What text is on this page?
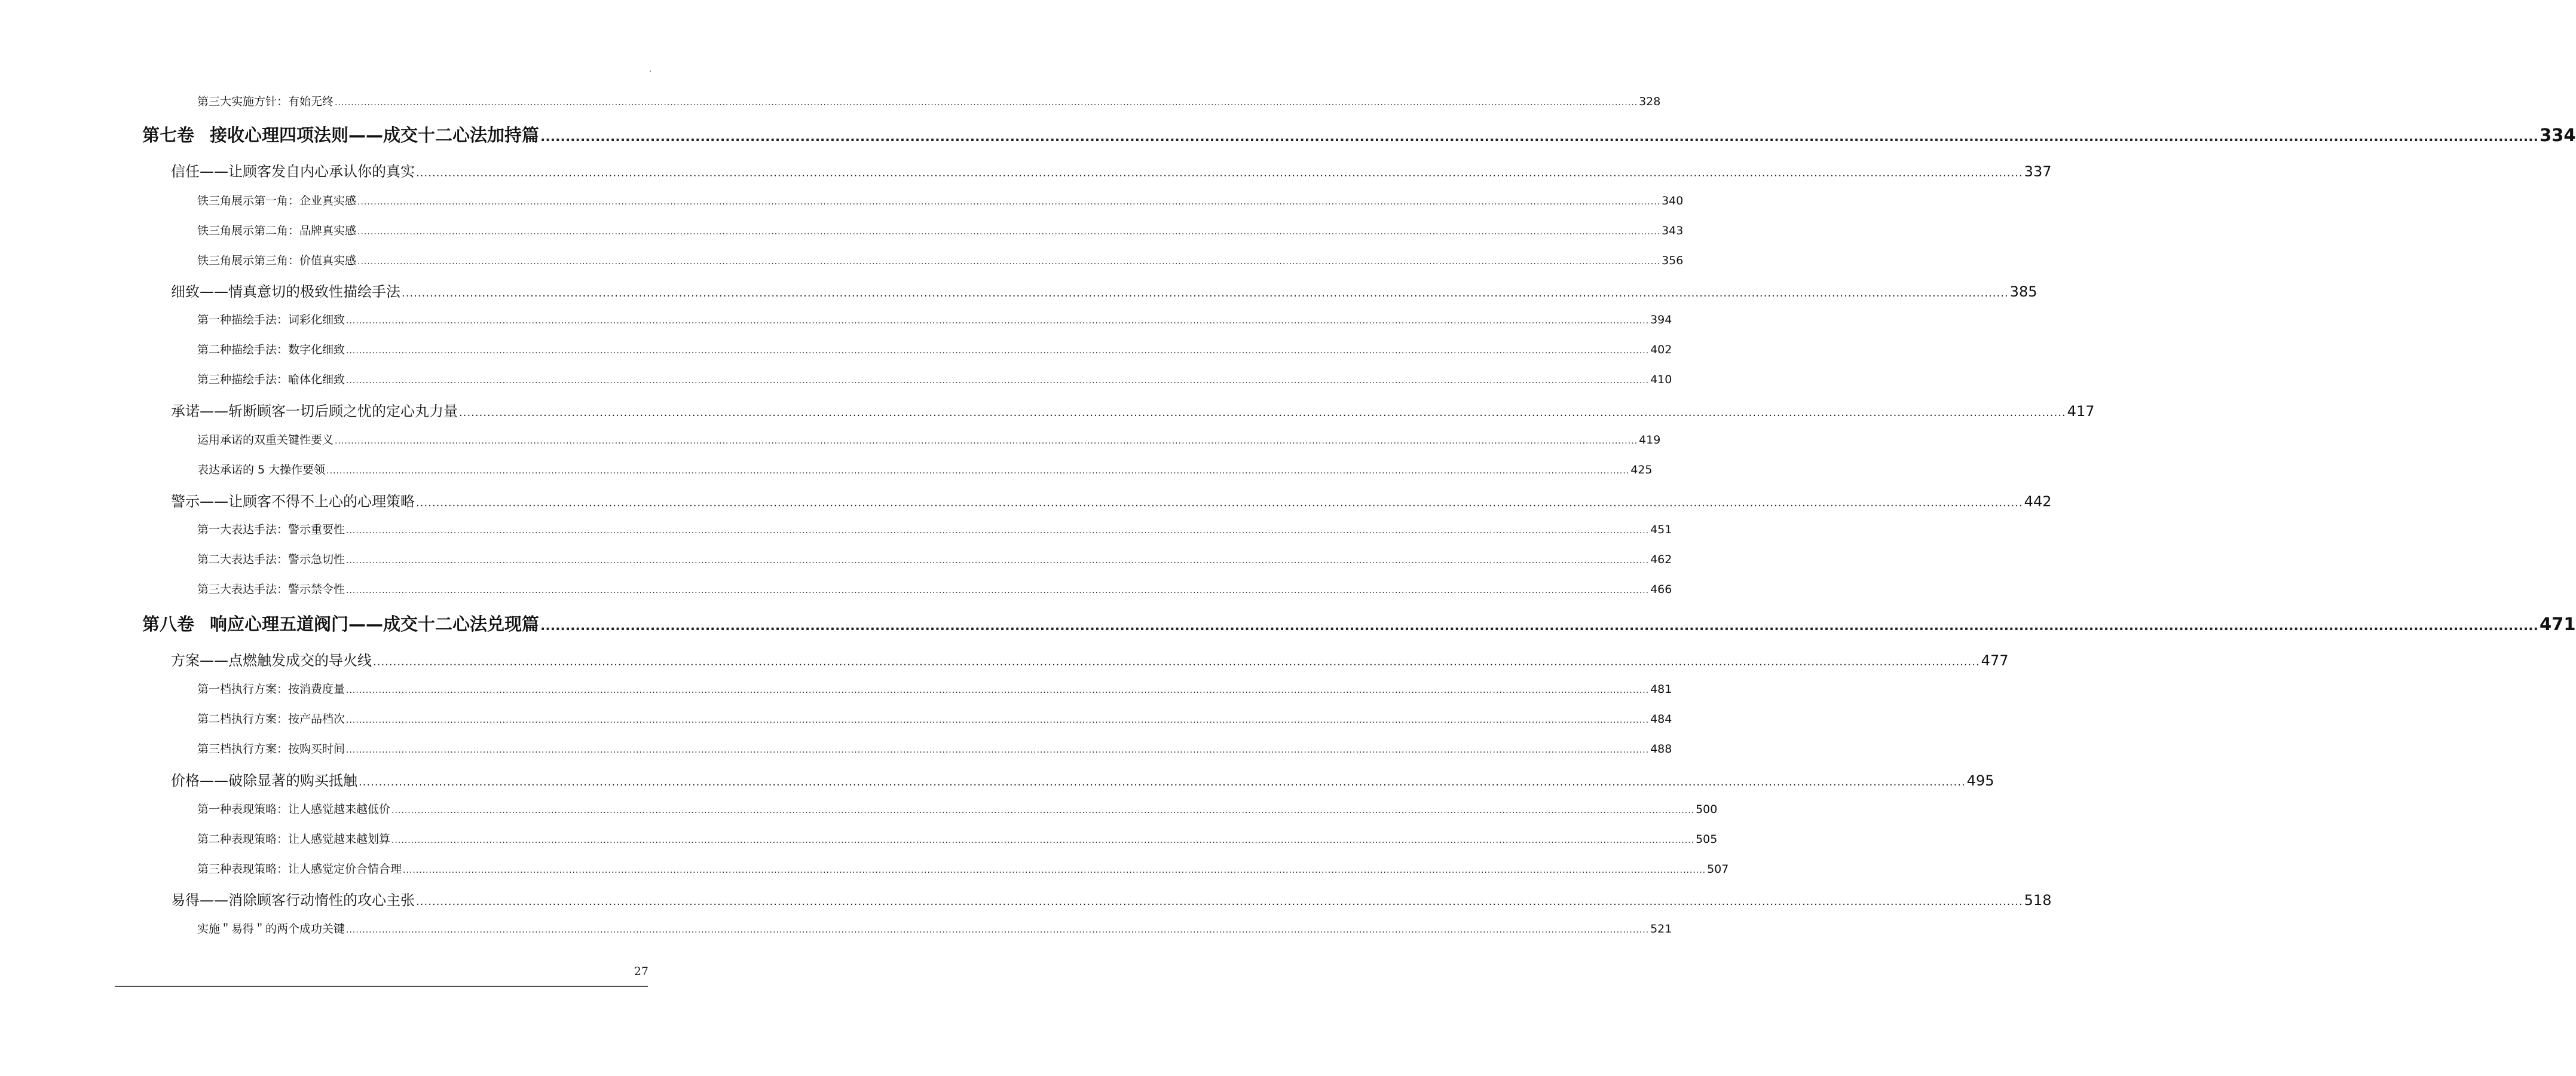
第三大实施方针：有始无终 ................................................................................................................................................................................................................................................................................................................................................................................................................ 328
第七卷 接收心理四项法则——成交十二心法加持篇 ................................................................................................................................................................................................................................................................................................................................................................................................................ 334
信任——让顾客发自内心承认你的真实 ................................................................................................................................................................................................................................................................................................................................................................................................................ 337
铁三角展示第一角：企业真实感 ................................................................................................................................................................................................................................................................................................................................................................................................................ 340
铁三角展示第二角：品牌真实感 ................................................................................................................................................................................................................................................................................................................................................................................................................ 343
铁三角展示第三角：价值真实感 ................................................................................................................................................................................................................................................................................................................................................................................................................ 356
细致——情真意切的极致性描绘手法 ................................................................................................................................................................................................................................................................................................................................................................................................................ 385
第一种描绘手法：词彩化细致 ................................................................................................................................................................................................................................................................................................................................................................................................................ 394
第二种描绘手法：数字化细致 ................................................................................................................................................................................................................................................................................................................................................................................................................ 402
第三种描绘手法：喻体化细致 ................................................................................................................................................................................................................................................................................................................................................................................................................ 410
承诺——斩断顾客一切后顾之忧的定心丸力量 ................................................................................................................................................................................................................................................................................................................................................................................................................ 417
运用承诺的双重关键性要义 ................................................................................................................................................................................................................................................................................................................................................................................................................ 419
表达承诺的 5 大操作要领 ................................................................................................................................................................................................................................................................................................................................................................................................................ 425
警示——让顾客不得不上心的心理策略 ................................................................................................................................................................................................................................................................................................................................................................................................................ 442
第一大表达手法：警示重要性 ................................................................................................................................................................................................................................................................................................................................................................................................................ 451
第二大表达手法：警示急切性 ................................................................................................................................................................................................................................................................................................................................................................................................................ 462
第三大表达手法：警示禁令性 ................................................................................................................................................................................................................................................................................................................................................................................................................ 466
第八卷 响应心理五道阀门——成交十二心法兑现篇 ................................................................................................................................................................................................................................................................................................................................................................................................................ 471
方案——点燃触发成交的导火线 ................................................................................................................................................................................................................................................................................................................................................................................................................ 477
第一档执行方案：按消费度量 ................................................................................................................................................................................................................................................................................................................................................................................................................ 481
第二档执行方案：按产品档次 ................................................................................................................................................................................................................................................................................................................................................................................................................ 484
第三档执行方案：按购买时间 ................................................................................................................................................................................................................................................................................................................................................................................................................ 488
价格——破除显著的购买抵触 ................................................................................................................................................................................................................................................................................................................................................................................................................ 495
第一种表现策略：让人感觉越来越低价 ................................................................................................................................................................................................................................................................................................................................................................................................................ 500
第二种表现策略：让人感觉越来越划算 ................................................................................................................................................................................................................................................................................................................................................................................................................ 505
第三种表现策略：让人感觉定价合情合理 ................................................................................................................................................................................................................................................................................................................................................................................................................ 507
易得——消除顾客行动惰性的攻心主张 ................................................................................................................................................................................................................................................................................................................................................................................................................ 518
实施＂易得＂的两个成功关键 ................................................................................................................................................................................................................................................................................................................................................................................................................ 521
27
